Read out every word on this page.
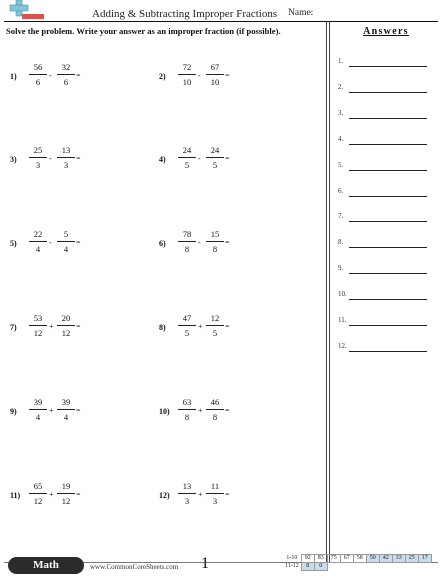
Adding & Subtracting Improper Fractions Name:
Solve the problem. Write your answer as an improper fraction (if possible).	Answers
1.
2.
3.
4.
5.
6.
7.
8.
9.
10.
11.
12.
1)
56
6
-
32
6
=	2)
72
10
-
67
10
=
3)
25
3
-
13
3
=	4)
24
5
-
24
5
=
5)
22
4
-
5
4
=	6)
78
8
-
15
8
=
7)
53
12
+
20
12
=	8)
47
5
+
12
5
=
9)
39
4
+
39
4
=	10)
63
8
+
46
8
=
11)
65
12
+
19
12
=	12)
13
3
+
11
3
=
Math	www.CommonCoreSheets.com 1	1-10	92	83	75	67	58	50	42	33	25	17
11-12	8	0								
